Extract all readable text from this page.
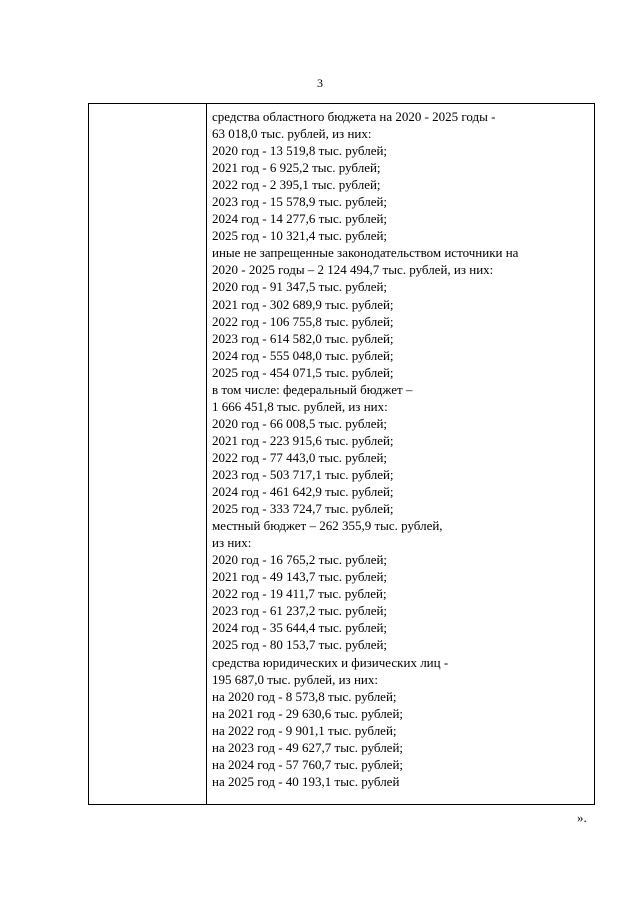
3
средства областного бюджета на 2020 - 2025 годы -
63 018,0 тыс. рублей, из них:
2020 год - 13 519,8 тыс. рублей;
2021 год - 6 925,2 тыс. рублей;
2022 год - 2 395,1 тыс. рублей;
2023 год - 15 578,9 тыс. рублей;
2024 год - 14 277,6 тыс. рублей;
2025 год - 10 321,4 тыс. рублей;
иные не запрещенные законодательством источники на
2020 - 2025 годы – 2 124 494,7 тыс. рублей, из них:
2020 год - 91 347,5 тыс. рублей;
2021 год - 302 689,9 тыс. рублей;
2022 год - 106 755,8 тыс. рублей;
2023 год - 614 582,0 тыс. рублей;
2024 год - 555 048,0 тыс. рублей;
2025 год - 454 071,5 тыс. рублей;
в том числе: федеральный бюджет –
1 666 451,8 тыс. рублей, из них:
2020 год - 66 008,5 тыс. рублей;
2021 год - 223 915,6 тыс. рублей;
2022 год - 77 443,0 тыс. рублей;
2023 год - 503 717,1 тыс. рублей;
2024 год - 461 642,9 тыс. рублей;
2025 год - 333 724,7 тыс. рублей;
местный бюджет – 262 355,9 тыс. рублей,
из них:
2020 год - 16 765,2 тыс. рублей;
2021 год - 49 143,7 тыс. рублей;
2022 год - 19 411,7 тыс. рублей;
2023 год - 61 237,2 тыс. рублей;
2024 год - 35 644,4 тыс. рублей;
2025 год - 80 153,7 тыс. рублей;
средства юридических и физических лиц -
195 687,0 тыс. рублей, из них:
на 2020 год - 8 573,8 тыс. рублей;
на 2021 год - 29 630,6 тыс. рублей;
на 2022 год - 9 901,1 тыс. рублей;
на 2023 год - 49 627,7 тыс. рублей;
на 2024 год - 57 760,7 тыс. рублей;
на 2025 год - 40 193,1 тыс. рублей
».
